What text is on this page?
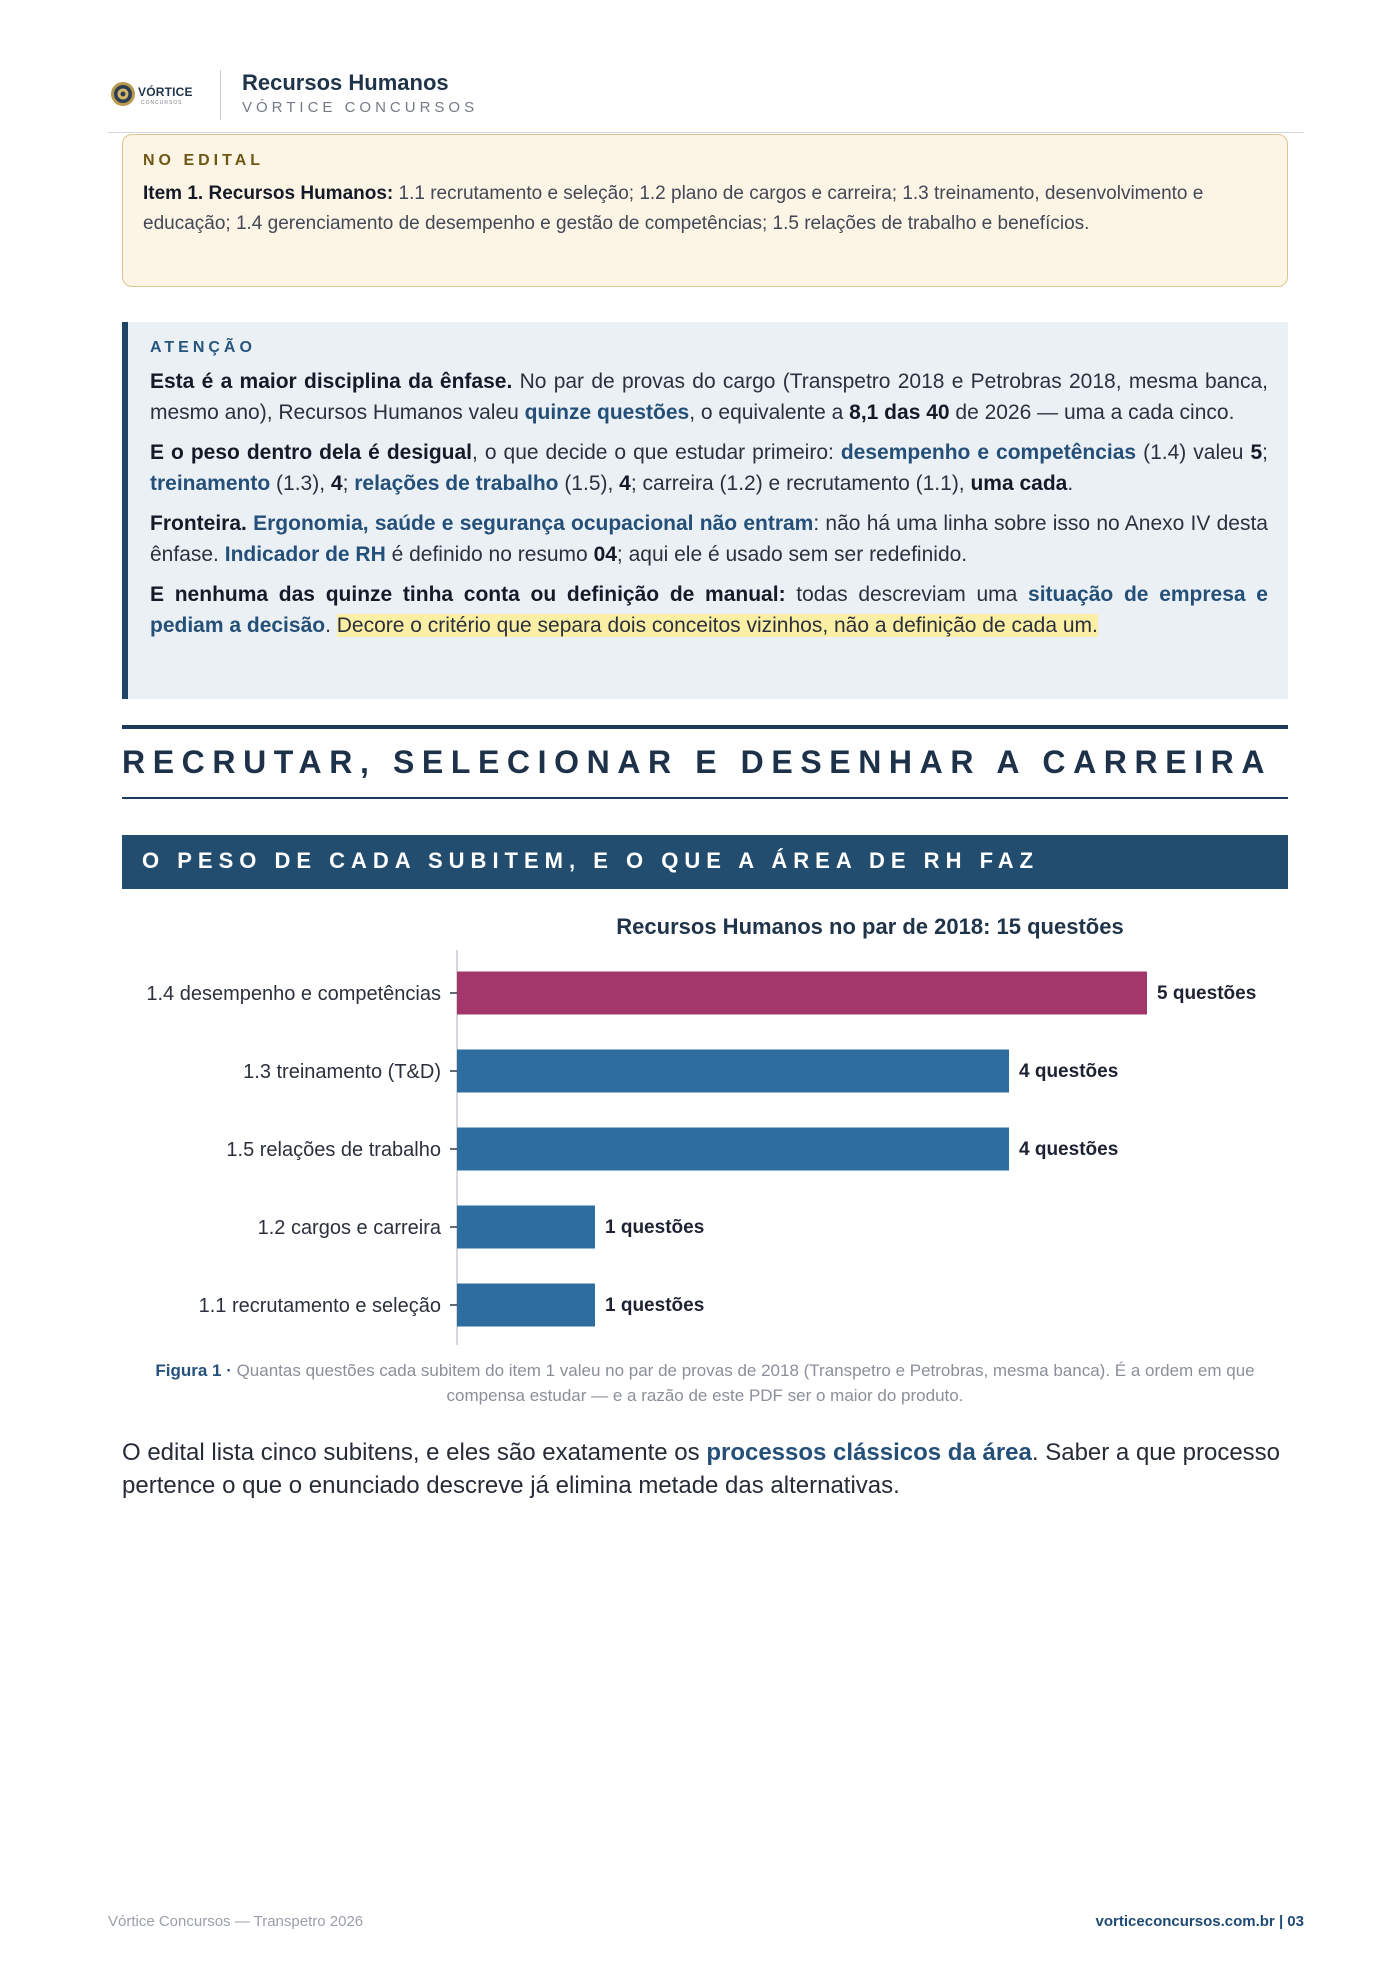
VÓRTICE
CONCURSOS
Recursos Humanos
VÓRTICE CONCURSOS
NO EDITAL
Item 1. Recursos Humanos: 1.1 recrutamento e seleção; 1.2 plano de cargos e carreira; 1.3 treinamento, desenvolvimento e educação; 1.4 gerenciamento de desempenho e gestão de competências; 1.5 relações de trabalho e benefícios.
ATENÇÃO

Esta é a maior disciplina da ênfase. No par de provas do cargo (Transpetro 2018 e Petrobras 2018, mesma banca, mesmo ano), Recursos Humanos valeu quinze questões, o equivalente a 8,1 das 40 de 2026 — uma a cada cinco.

E o peso dentro dela é desigual, o que decide o que estudar primeiro: desempenho e competências (1.4) valeu 5; treinamento (1.3), 4; relações de trabalho (1.5), 4; carreira (1.2) e recrutamento (1.1), uma cada.

Fronteira. Ergonomia, saúde e segurança ocupacional não entram: não há uma linha sobre isso no Anexo IV desta ênfase. Indicador de RH é definido no resumo 04; aqui ele é usado sem ser redefinido.

E nenhuma das quinze tinha conta ou definição de manual: todas descreviam uma situação de empresa e pediam a decisão. Decore o critério que separa dois conceitos vizinhos, não a definição de cada um.

RECRUTAR, SELECIONAR E DESENHAR A CARREIRA
O PESO DE CADA SUBITEM, E O QUE A ÁREA DE RH FAZ
Recursos Humanos no par de 2018: 15 questões
1.4 desempenho e competências	5 questões
1.3 treinamento (T&D)	4 questões
1.5 relações de trabalho	4 questões
1.2 cargos e carreira	1 questões
1.1 recrutamento e seleção	1 questões
Figura 1 · Quantas questões cada subitem do item 1 valeu no par de provas de 2018 (Transpetro e Petrobras, mesma banca). É a ordem em que compensa estudar — e a razão de este PDF ser o maior do produto.
O edital lista cinco subitens, e eles são exatamente os processos clássicos da área. Saber a que processo pertence o que o enunciado descreve já elimina metade das alternativas.
Vórtice Concursos — Transpetro 2026	vorticeconcursos.com.br | 03
